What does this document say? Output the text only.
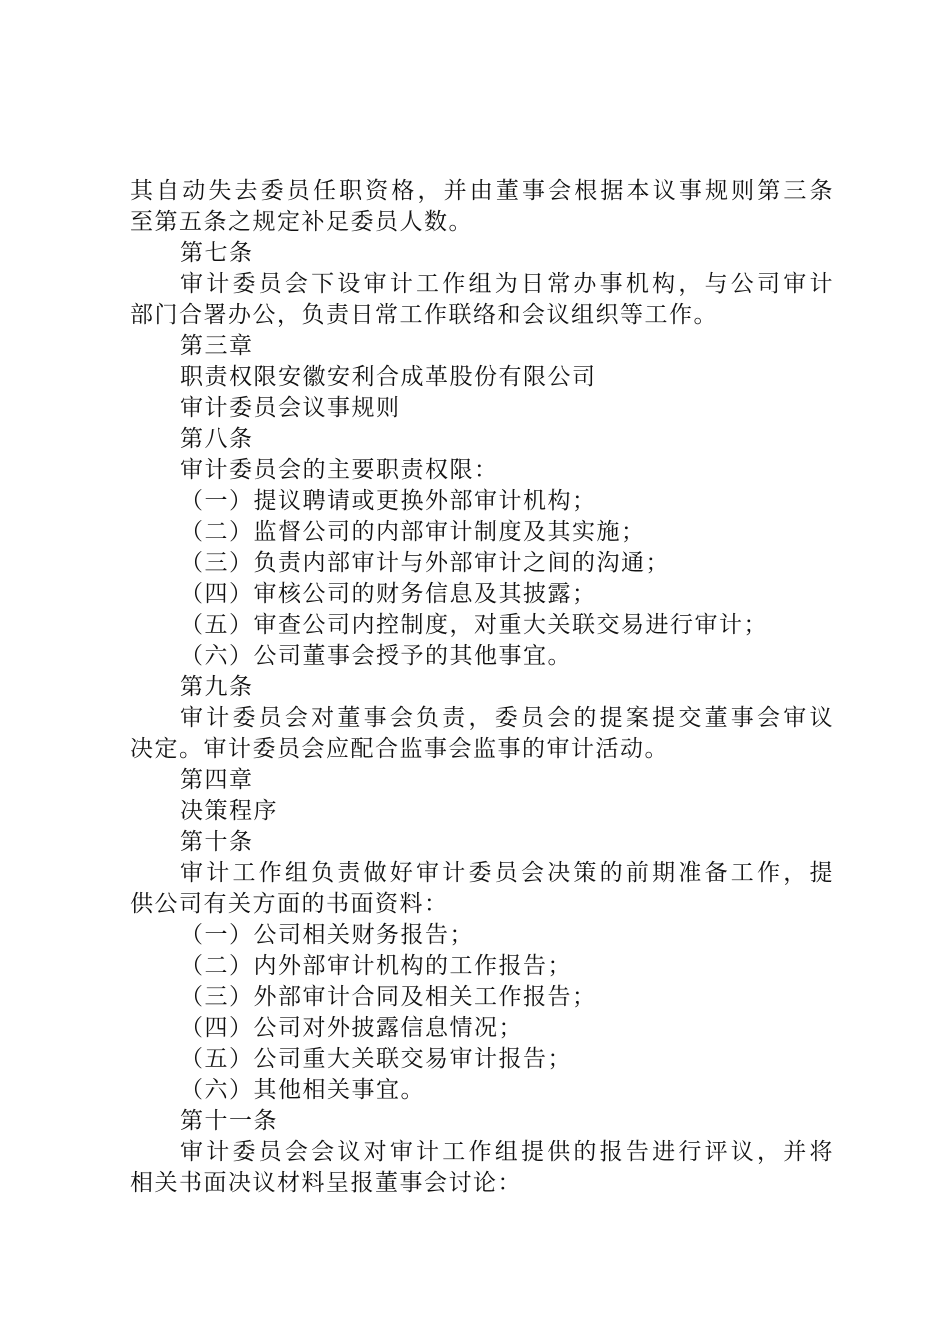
其自动失去委员任职资格，并由董事会根据本议事规则第三条
至第五条之规定补足委员人数。
第七条
审计委员会下设审计工作组为日常办事机构，与公司审计
部门合署办公，负责日常工作联络和会议组织等工作。
第三章
职责权限安徽安利合成革股份有限公司
审计委员会议事规则
第八条
审计委员会的主要职责权限：
（一）提议聘请或更换外部审计机构；
（二）监督公司的内部审计制度及其实施；
（三）负责内部审计与外部审计之间的沟通；
（四）审核公司的财务信息及其披露；
（五）审查公司内控制度，对重大关联交易进行审计；
（六）公司董事会授予的其他事宜。
第九条
审计委员会对董事会负责，委员会的提案提交董事会审议
决定。审计委员会应配合监事会监事的审计活动。
第四章
决策程序
第十条
审计工作组负责做好审计委员会决策的前期准备工作，提
供公司有关方面的书面资料：
（一）公司相关财务报告；
（二）内外部审计机构的工作报告；
（三）外部审计合同及相关工作报告；
（四）公司对外披露信息情况；
（五）公司重大关联交易审计报告；
（六）其他相关事宜。
第十一条
审计委员会会议对审计工作组提供的报告进行评议，并将
相关书面决议材料呈报董事会讨论：
